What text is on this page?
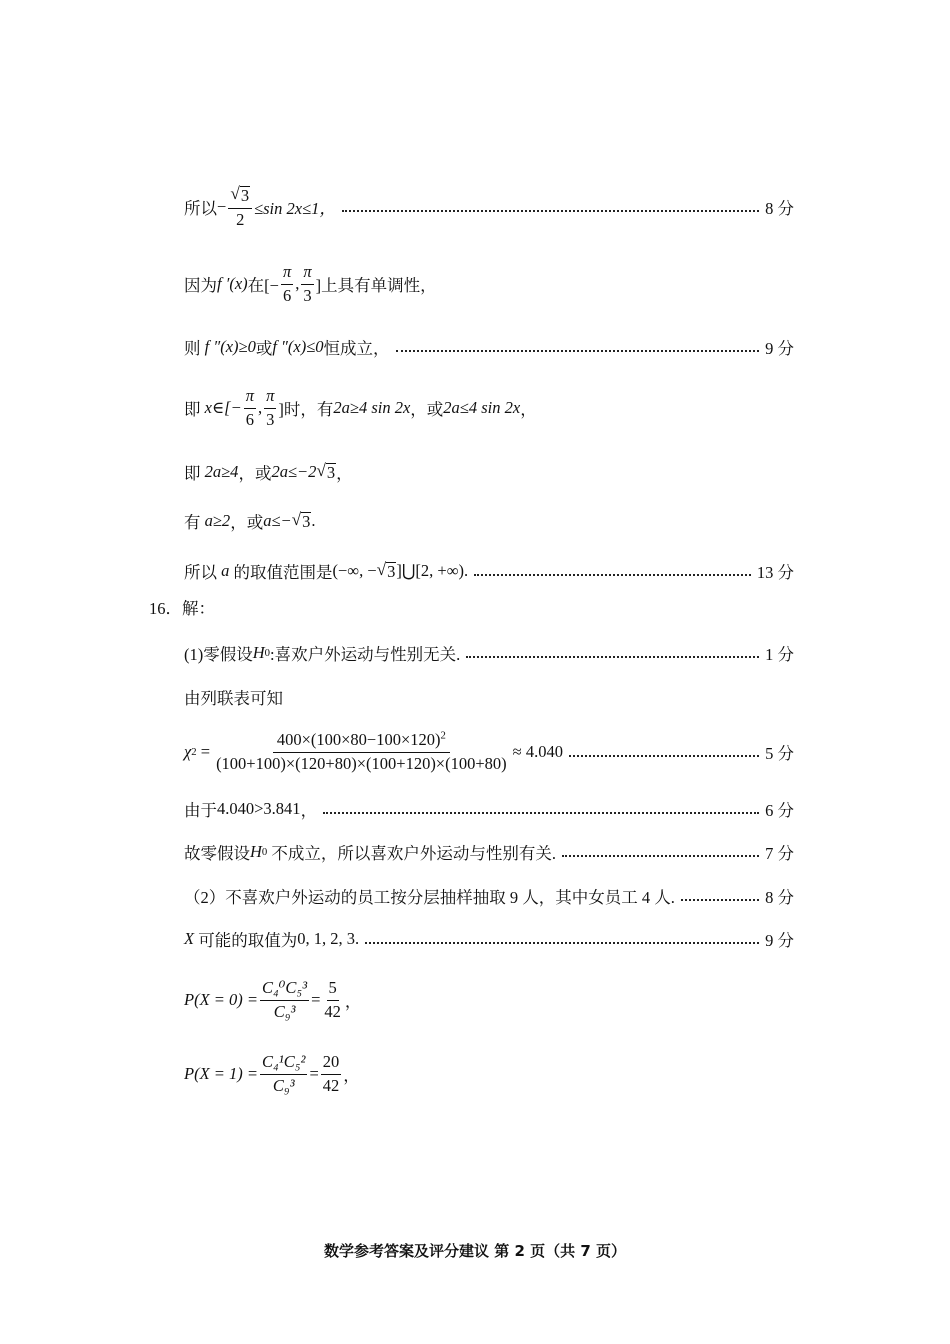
所以 − $\frac{√ 3}{2} \le\sin$ 2x≤1，	8 分
因为 f ′(x) 在[− $\frac{\pi}{6}$ , $\frac{\pi}{3}$ ]上具有单调性，
则
f ″(x)≥0 或 f ″(x)≤0 恒成立，	9 分
即
x∈[− $\frac{\pi}{6}$ , $\frac{\pi}{3}$ ]时，有 2a≥4 sin 2x ，或 2a≤4 sin 2x ，
即
2a≥4 ，或 2a≤−2 √ 3 ，
有
a≥2 ，或 a≤− √ 3 .
所以
a
的取值范围是 (−∞, − √ 3 ]⋃[2, +∞) .	13 分
16．解：
(1)零假设 H 0 :喜欢户外运动与性别无关.	1 分
由列联表可知
χ 2
= $\frac{400\times(100\times 80-100\times 120)^2}{(100+100)\times(120+80)\times(100+120)\times(100+80)} \approx 4.040$	5 分
由于 4.040>3.841 ，	6 分
故零假设 H 0
不成立，所以喜欢户外运动与性别有关.	7 分
（2）不喜欢户外运动的员工按分层抽样抽取 9 人，其中女员工 4 人.	8 分
X
可能的取值为 0, 1, 2, 3 .	9 分
$P(X = 0) = \frac{\text{C₄⁰C₅³}}{\text{C₉³}} = \frac{5}{42}$ ，
$P(X = 1) = \frac{\text{C₄¹C₅²}}{\text{C₉³}} = \frac{20}{42}$ ，
数学参考答案及评分建议 第 2 页（共 7 页）
